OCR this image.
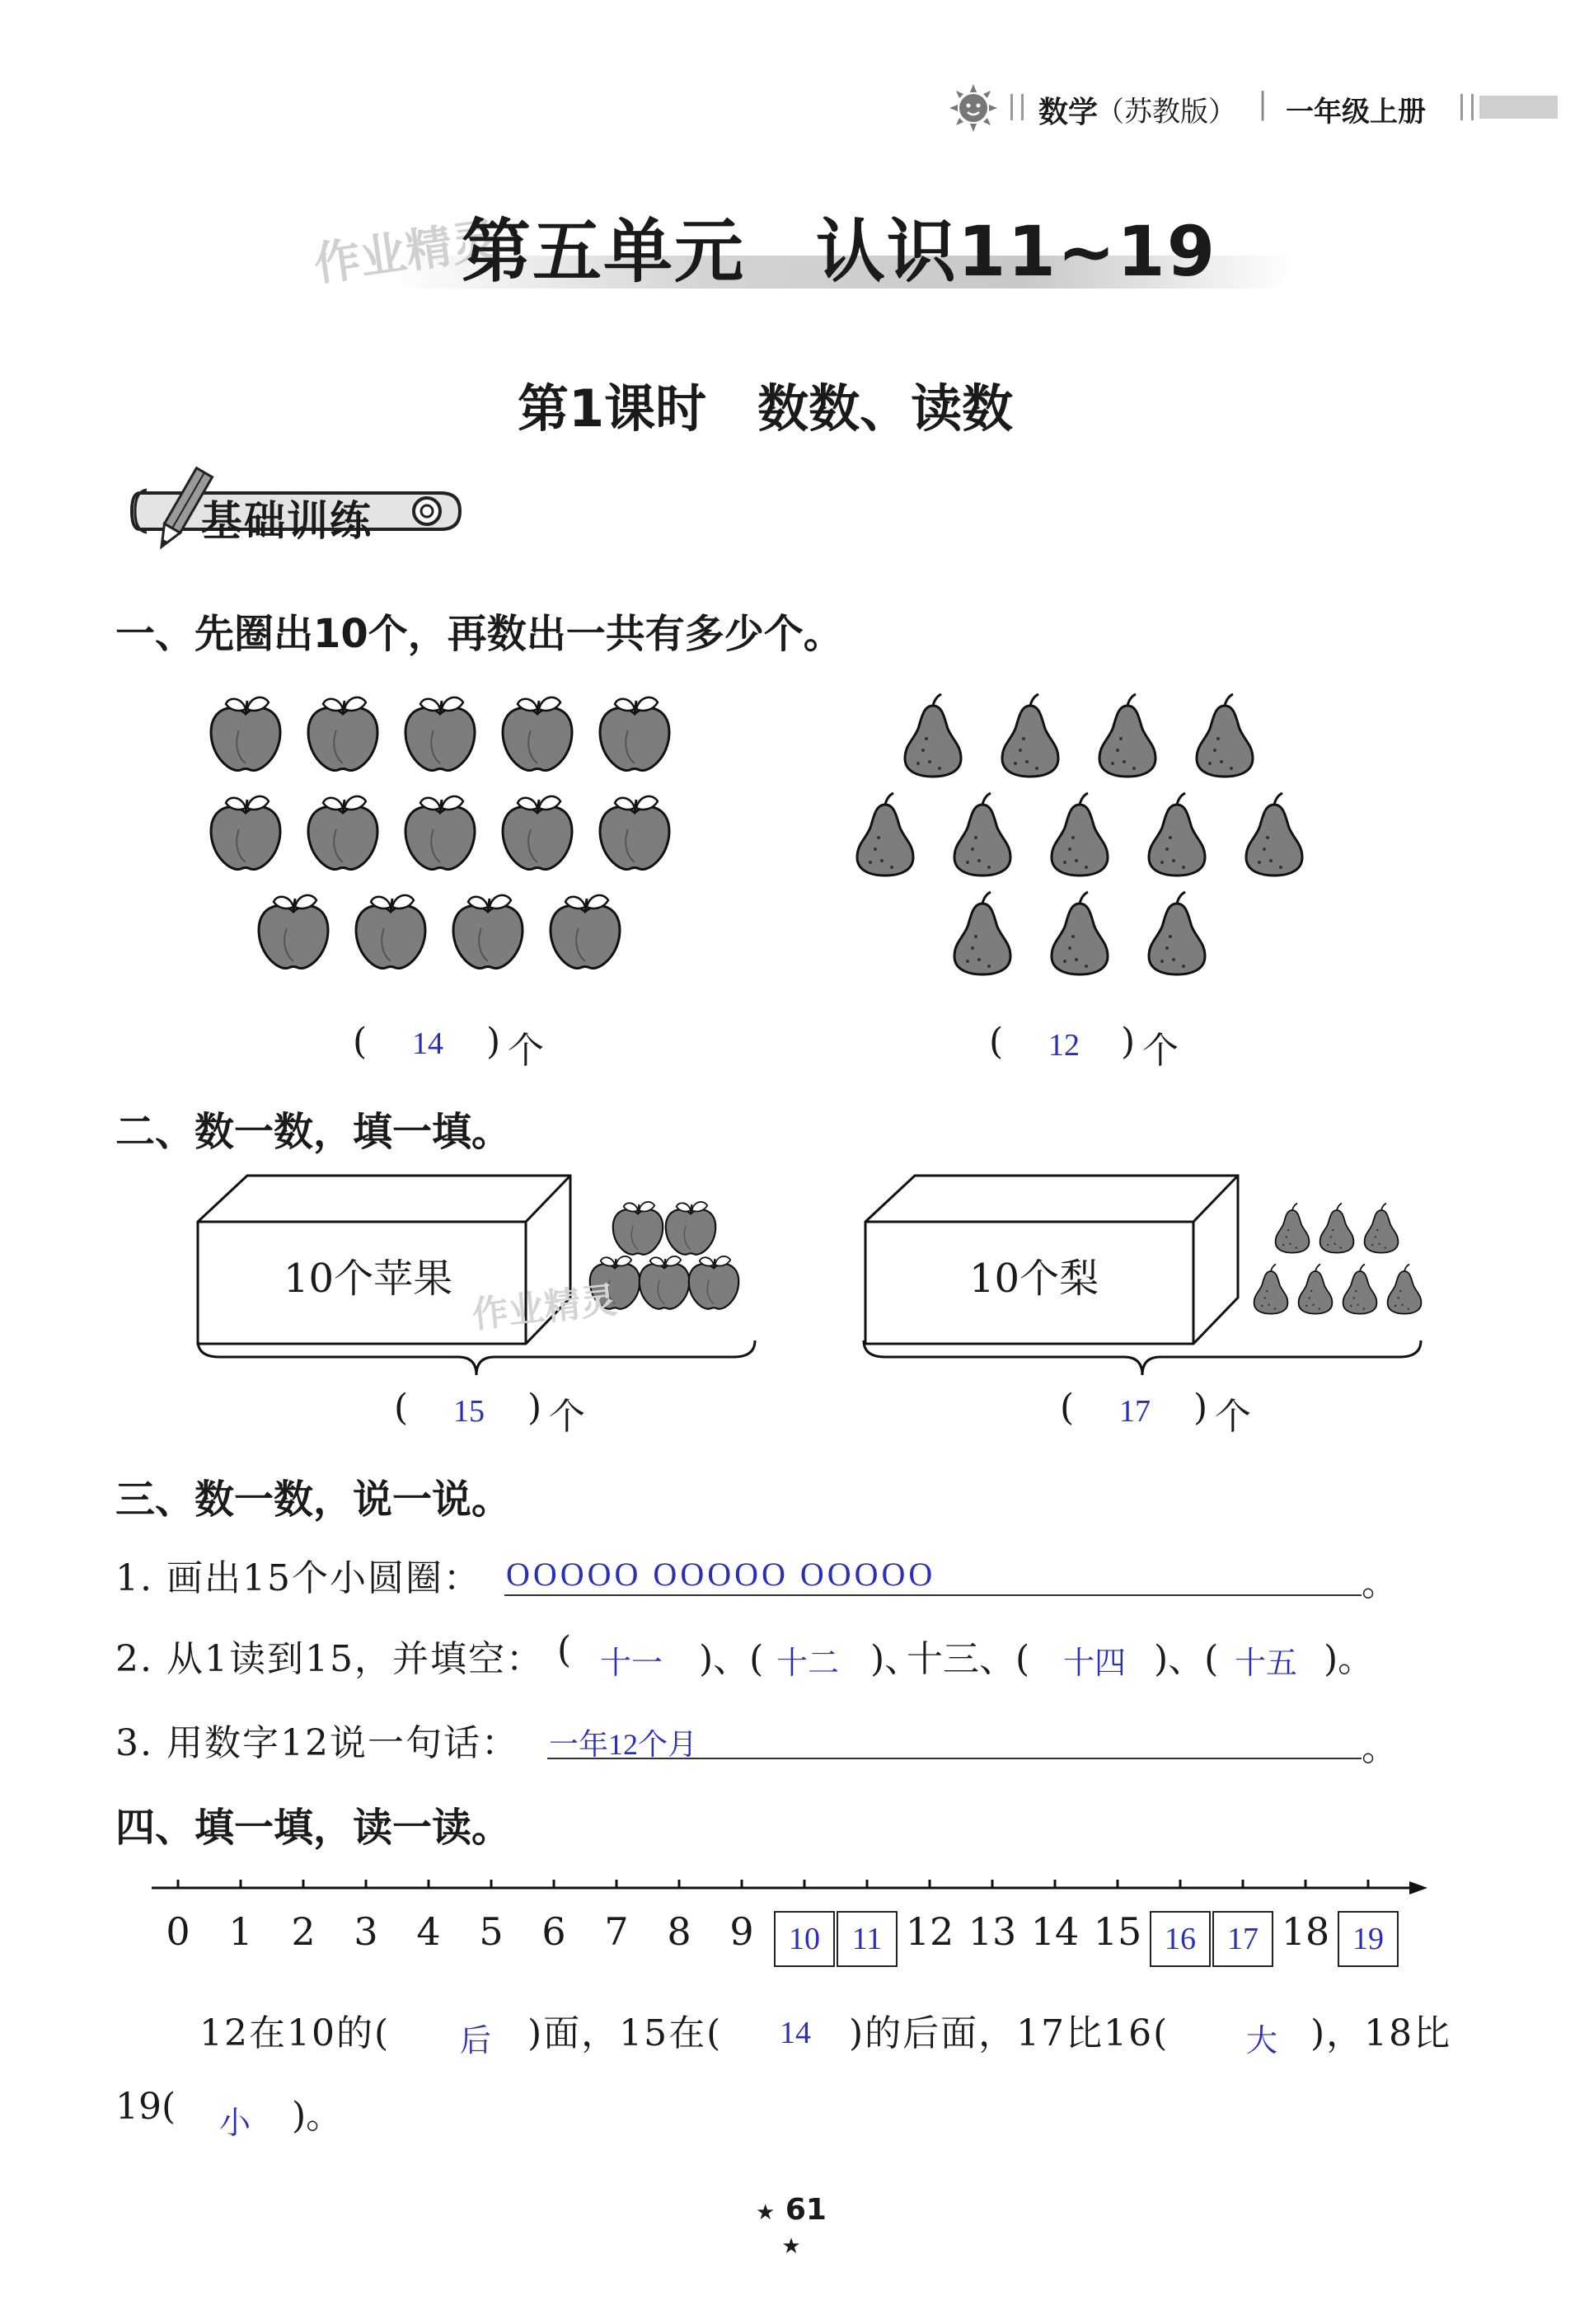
数学
（苏教版） | 一年级上册
作业精灵
第五单元　认识11~19
第1课时　数数、读数
基础训练
一、先圈出10个，再数出一共有多少个。
( 14 ) 个	( 12 ) 个
二、数一数，填一填。
10个苹果
作业精灵
( 15 ) 个
10个梨
( 17 ) 个
三、数一数，说一说。
1. 画出15个小圆圈： OOOOO OOOOO OOOOO	。
2. 从1读到15，并填空： ( 十一 )、( 十二 )、
十三 、( 十四 )、( 十五 )。
3. 用数字12说一句话： 一年12个月	。
四、填一填，读一读。
0	1	2	3	4	5	6	7	8	9	10	11 12 13 14 15 16	17 18 19
12在10的( 后 )面，15在( 14 )的后面，17比16( 大 )，18比
19( 小 )。
★ 61 ★
